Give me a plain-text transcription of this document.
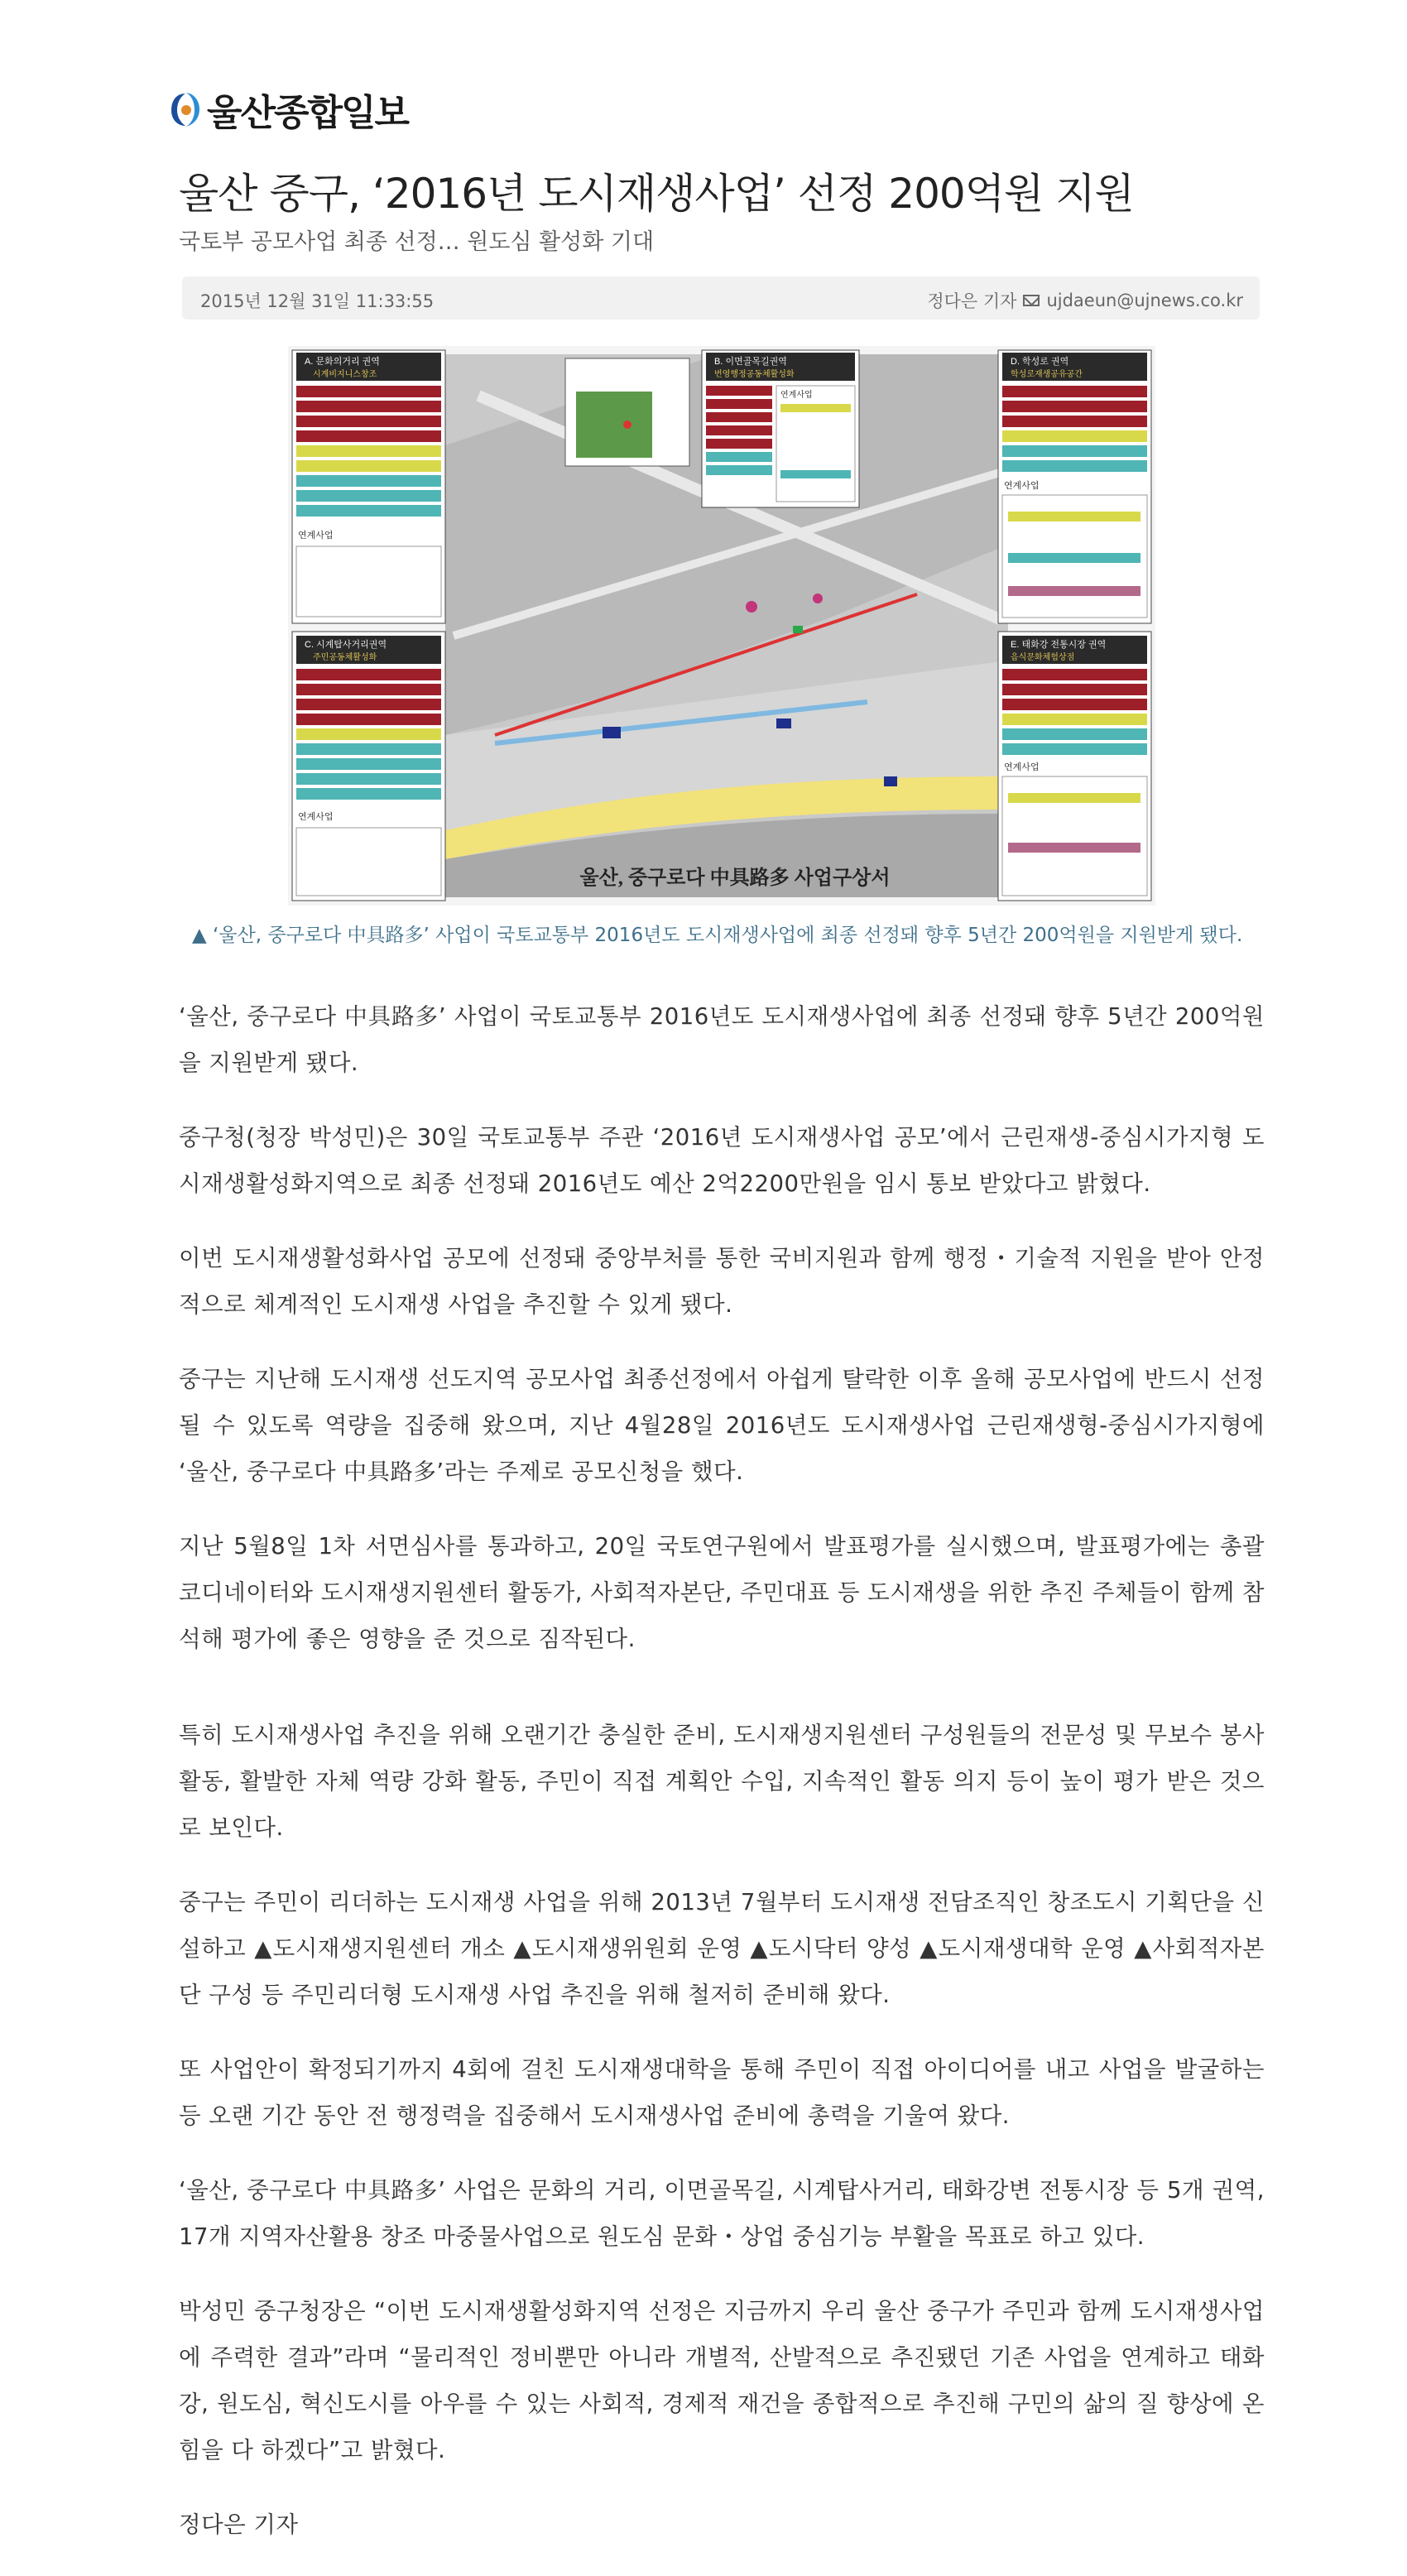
울산종합일보
울산 중구, ‘2016년 도시재생사업’ 선정 200억원 지원
국토부 공모사업 최종 선정… 원도심 활성화 기대
2015년 12월 31일 11:33:55	정다은 기자 ujdaeun@ujnews.co.kr
A. 문화의거리 권역
시계비지니스창조
연계사업
C. 시계탑사거리권역
주민공동체활성화
연계사업
B. 이면골목길권역
번영행정공동체활성화
연계사업
D. 학성로 권역
학성로재생공유공간
연계사업
E. 태화강 전통시장 권역
음식문화체험상점
연계사업
울산, 중구로다 中具路多 사업구상서
▲ ‘울산, 중구로다 中具路多’ 사업이 국토교통부 2016년도 도시재생사업에 최종 선정돼 향후 5년간 200억원을 지원받게 됐다.

‘울산, 중구로다 中具路多’ 사업이 국토교통부 2016년도 도시재생사업에 최종 선정돼 향후 5년간 200억원을 지원받게 됐다.

중구청(청장 박성민)은 30일 국토교통부 주관 ‘2016년 도시재생사업 공모’에서 근린재생-중심시가지형 도시재생활성화지역으로 최종 선정돼 2016년도 예산 2억2200만원을 임시 통보 받았다고 밝혔다.

이번 도시재생활성화사업 공모에 선정돼 중앙부처를 통한 국비지원과 함께 행정・기술적 지원을 받아 안정적으로 체계적인 도시재생 사업을 추진할 수 있게 됐다.

중구는 지난해 도시재생 선도지역 공모사업 최종선정에서 아쉽게 탈락한 이후 올해 공모사업에 반드시 선정될 수 있도록 역량을 집중해 왔으며, 지난 4월28일 2016년도 도시재생사업 근린재생형-중심시가지형에 ‘울산, 중구로다 中具路多’라는 주제로 공모신청을 했다.

지난 5월8일 1차 서면심사를 통과하고, 20일 국토연구원에서 발표평가를 실시했으며, 발표평가에는 총괄 코디네이터와 도시재생지원센터 활동가, 사회적자본단, 주민대표 등 도시재생을 위한 추진 주체들이 함께 참석해 평가에 좋은 영향을 준 것으로 짐작된다.

특히 도시재생사업 추진을 위해 오랜기간 충실한 준비, 도시재생지원센터 구성원들의 전문성 및 무보수 봉사활동, 활발한 자체 역량 강화 활동, 주민이 직접 계획안 수입, 지속적인 활동 의지 등이 높이 평가 받은 것으로 보인다.

중구는 주민이 리더하는 도시재생 사업을 위해 2013년 7월부터 도시재생 전담조직인 창조도시 기획단을 신설하고 ▲도시재생지원센터 개소 ▲도시재생위원회 운영 ▲도시닥터 양성 ▲도시재생대학 운영 ▲사회적자본단 구성 등 주민리더형 도시재생 사업 추진을 위해 철저히 준비해 왔다.

또 사업안이 확정되기까지 4회에 걸친 도시재생대학을 통해 주민이 직접 아이디어를 내고 사업을 발굴하는 등 오랜 기간 동안 전 행정력을 집중해서 도시재생사업 준비에 총력을 기울여 왔다.

‘울산, 중구로다 中具路多’ 사업은 문화의 거리, 이면골목길, 시계탑사거리, 태화강변 전통시장 등 5개 권역, 17개 지역자산활용 창조 마중물사업으로 원도심 문화・상업 중심기능 부활을 목표로 하고 있다.

박성민 중구청장은 “이번 도시재생활성화지역 선정은 지금까지 우리 울산 중구가 주민과 함께 도시재생사업에 주력한 결과”라며 “물리적인 정비뿐만 아니라 개별적, 산발적으로 추진됐던 기존 사업을 연계하고 태화강, 원도심, 혁신도시를 아우를 수 있는 사회적, 경제적 재건을 종합적으로 추진해 구민의 삶의 질 향상에 온 힘을 다 하겠다”고 밝혔다.

정다은 기자
